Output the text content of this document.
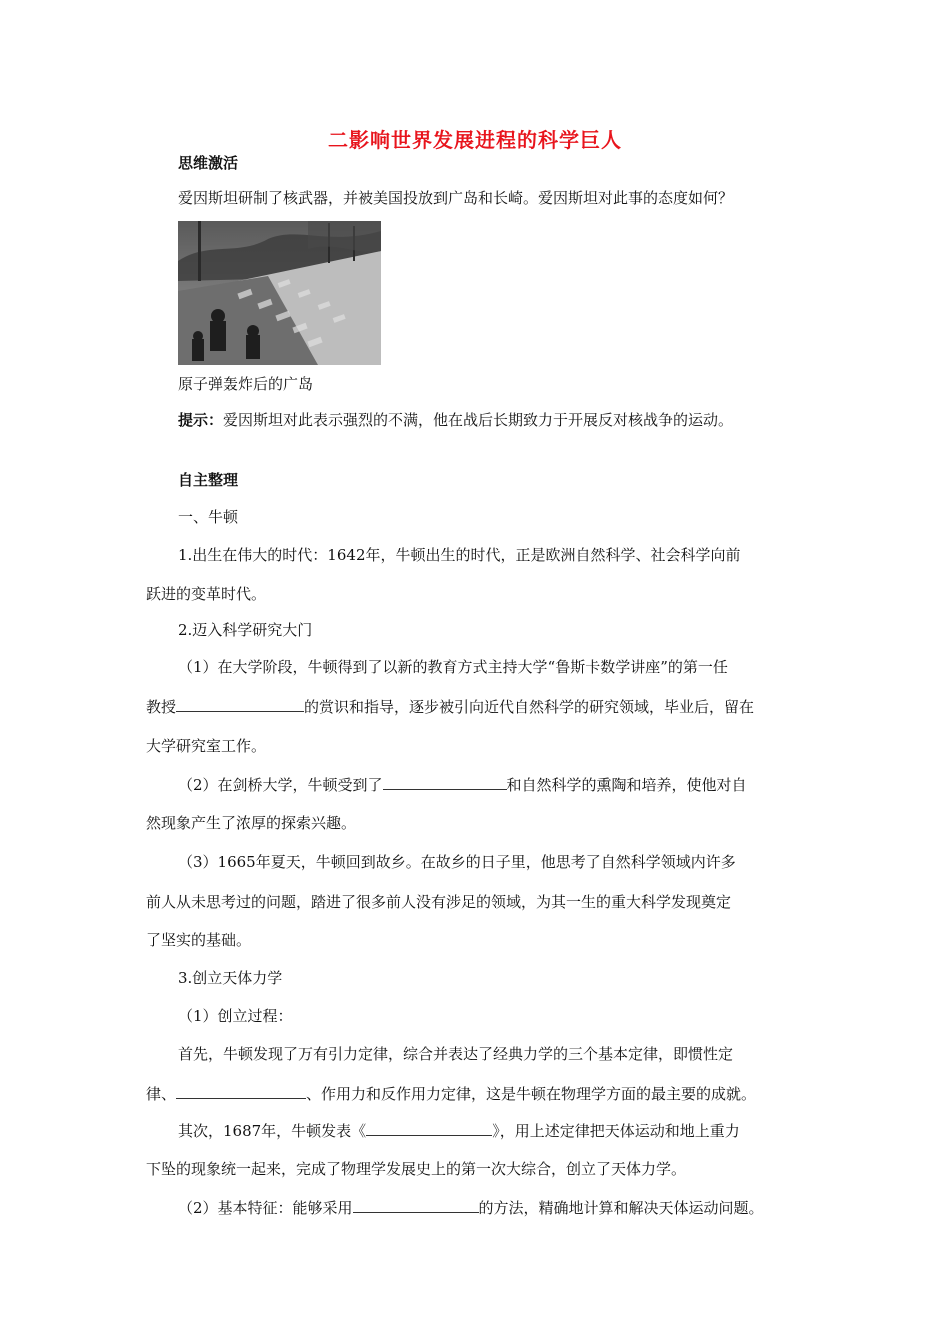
二影响世界发展进程的科学巨人
思维激活
爱因斯坦研制了核武器，并被美国投放到广岛和长崎。爱因斯坦对此事的态度如何？
原子弹轰炸后的广岛
提示：爱因斯坦对此表示强烈的不满，他在战后长期致力于开展反对核战争的运动。
自主整理
一、牛顿
1.出生在伟大的时代：1642年，牛顿出生的时代，正是欧洲自然科学、社会科学向前
跃进的变革时代。
2.迈入科学研究大门
（1）在大学阶段，牛顿得到了以新的教育方式主持大学“鲁斯卡数学讲座”的第一任
教授	的赏识和指导，逐步被引向近代自然科学的研究领域，毕业后，留在
大学研究室工作。
（2）在剑桥大学，牛顿受到了	和自然科学的熏陶和培养，使他对自
然现象产生了浓厚的探索兴趣。
（3）1665年夏天，牛顿回到故乡。在故乡的日子里，他思考了自然科学领域内许多
前人从未思考过的问题，踏进了很多前人没有涉足的领域，为其一生的重大科学发现奠定
了坚实的基础。
3.创立天体力学
（1）创立过程：
首先，牛顿发现了万有引力定律，综合并表达了经典力学的三个基本定律，即惯性定
律、	、作用力和反作用力定律，这是牛顿在物理学方面的最主要的成就。
其次，1687年，牛顿发表《	》，用上述定律把天体运动和地上重力
下坠的现象统一起来，完成了物理学发展史上的第一次大综合，创立了天体力学。
（2）基本特征：能够采用	的方法，精确地计算和解决天体运动问题。
